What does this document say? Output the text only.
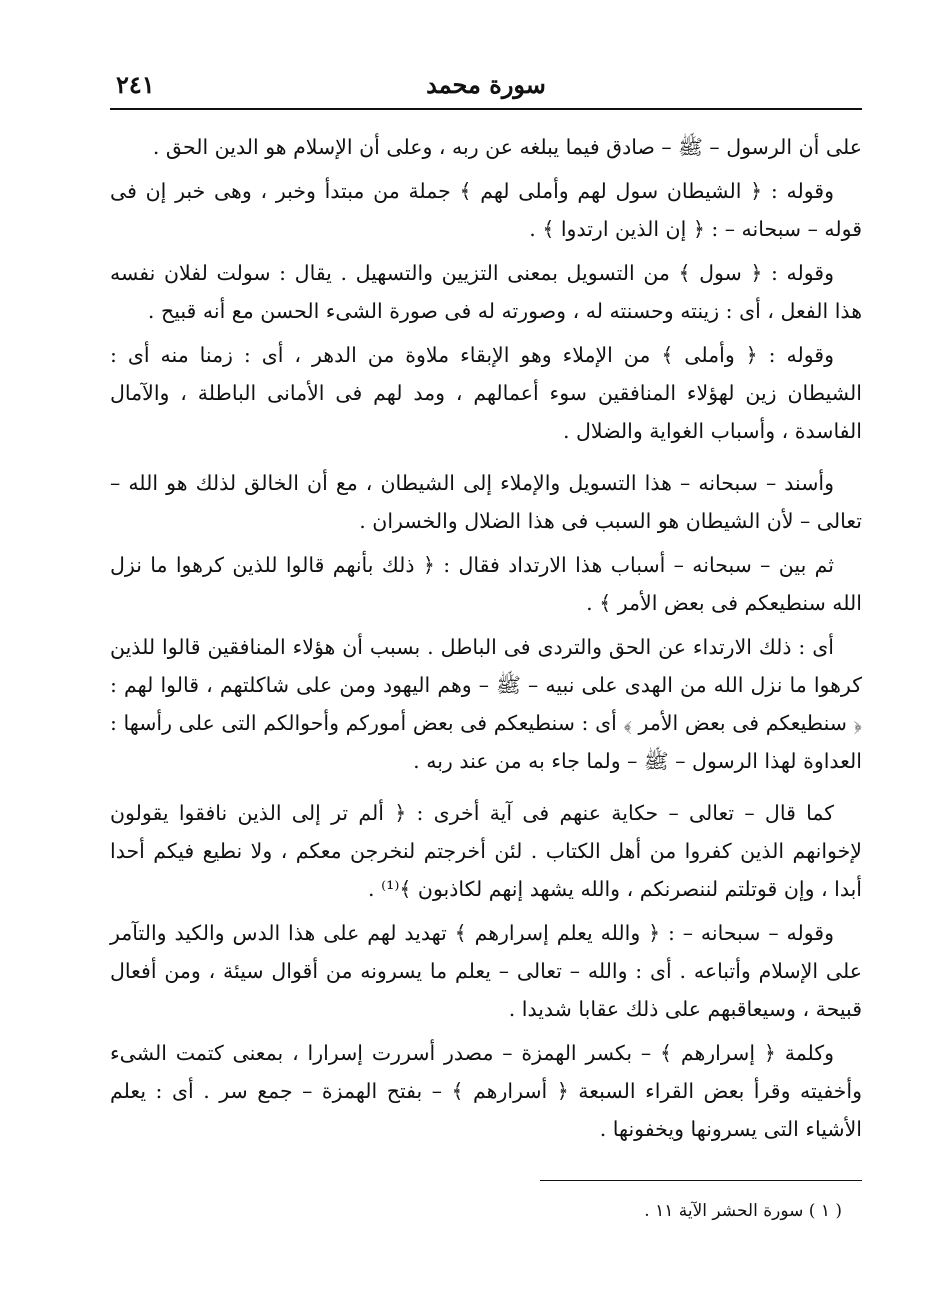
٢٤١	سورة محمد

على أن الرسول – ﷺ – صادق فيما يبلغه عن ربه ، وعلى أن الإسلام هو الدين الحق .

وقوله : ﴿ الشيطان سول لهم وأملى لهم ﴾ جملة من مبتدأ وخبر ، وهى خبر إن فى قوله – سبحانه – : ﴿ إن الذين ارتدوا ﴾ .

وقوله : ﴿ سول ﴾ من التسويل بمعنى التزيين والتسهيل . يقال : سولت لفلان نفسه هذا الفعل ، أى : زينته وحسنته له ، وصورته له فى صورة الشىء الحسن مع أنه قبيح .

وقوله : ﴿ وأملى ﴾ من الإملاء وهو الإبقاء ملاوة من الدهر ، أى : زمنا منه أى : الشيطان زين لهؤلاء المنافقين سوء أعمالهم ، ومد لهم فى الأمانى الباطلة ، والآمال الفاسدة ، وأسباب الغواية والضلال .

وأسند – سبحانه – هذا التسويل والإملاء إلى الشيطان ، مع أن الخالق لذلك هو الله – تعالى – لأن الشيطان هو السبب فى هذا الضلال والخسران .

ثم بين – سبحانه – أسباب هذا الارتداد فقال : ﴿ ذلك بأنهم قالوا للذين كرهوا ما نزل الله سنطيعكم فى بعض الأمر ﴾ .

أى : ذلك الارتداء عن الحق والتردى فى الباطل . بسبب أن هؤلاء المنافقين قالوا للذين كرهوا ما نزل الله من الهدى على نبيه – ﷺ – وهم اليهود ومن على شاكلتهم ، قالوا لهم : ﴿ سنطيعكم فى بعض الأمر ﴾ أى : سنطيعكم فى بعض أموركم وأحوالكم التى على رأسها : العداوة لهذا الرسول – ﷺ – ولما جاء به من عند ربه .

كما قال – تعالى – حكاية عنهم فى آية أخرى : ﴿ ألم تر إلى الذين نافقوا يقولون لإخوانهم الذين كفروا من أهل الكتاب . لئن أخرجتم لنخرجن معكم ، ولا نطيع فيكم أحدا أبدا ، وإن قوتلتم لننصرنكم ، والله يشهد إنهم لكاذبون ﴾⁽¹⁾ .

وقوله – سبحانه – : ﴿ والله يعلم إسرارهم ﴾ تهديد لهم على هذا الدس والكيد والتآمر على الإسلام وأتباعه . أى : والله – تعالى – يعلم ما يسرونه من أقوال سيئة ، ومن أفعال قبيحة ، وسيعاقبهم على ذلك عقابا شديدا .

وكلمة ﴿ إسرارهم ﴾ – بكسر الهمزة – مصدر أسررت إسرارا ، بمعنى كتمت الشىء وأخفيته وقرأ بعض القراء السبعة ﴿ أسرارهم ﴾ – بفتح الهمزة – جمع سر . أى : يعلم الأشياء التى يسرونها ويخفونها .

( ١ ) سورة الحشر الآية ١١ .
